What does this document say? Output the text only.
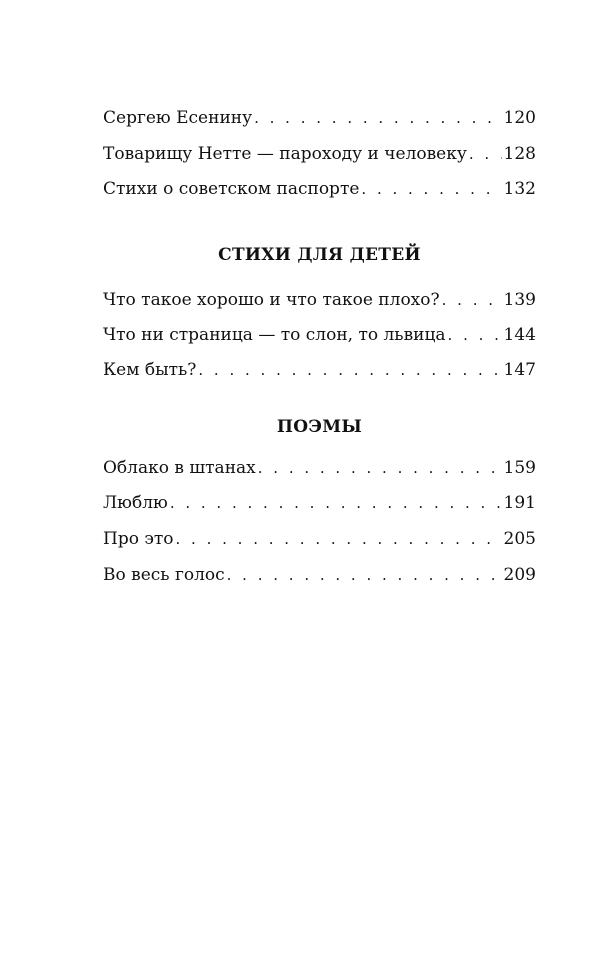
Сергею Есенину . . .	120
Товарищу Нетте — пароходу и человеку . . . 128
Стихи о советском паспорте . . .	132
СТИХИ ДЛЯ ДЕТЕЙ
Что такое хорошо и что такое плохо? . . .	139
Что ни страница — то слон, то львица . . .	144
Кем быть? . . .	147
ПОЭМЫ
Облако в штанах . . .	159
Люблю . . .	191
Про это . . .	205
Во весь голос . . .	209
